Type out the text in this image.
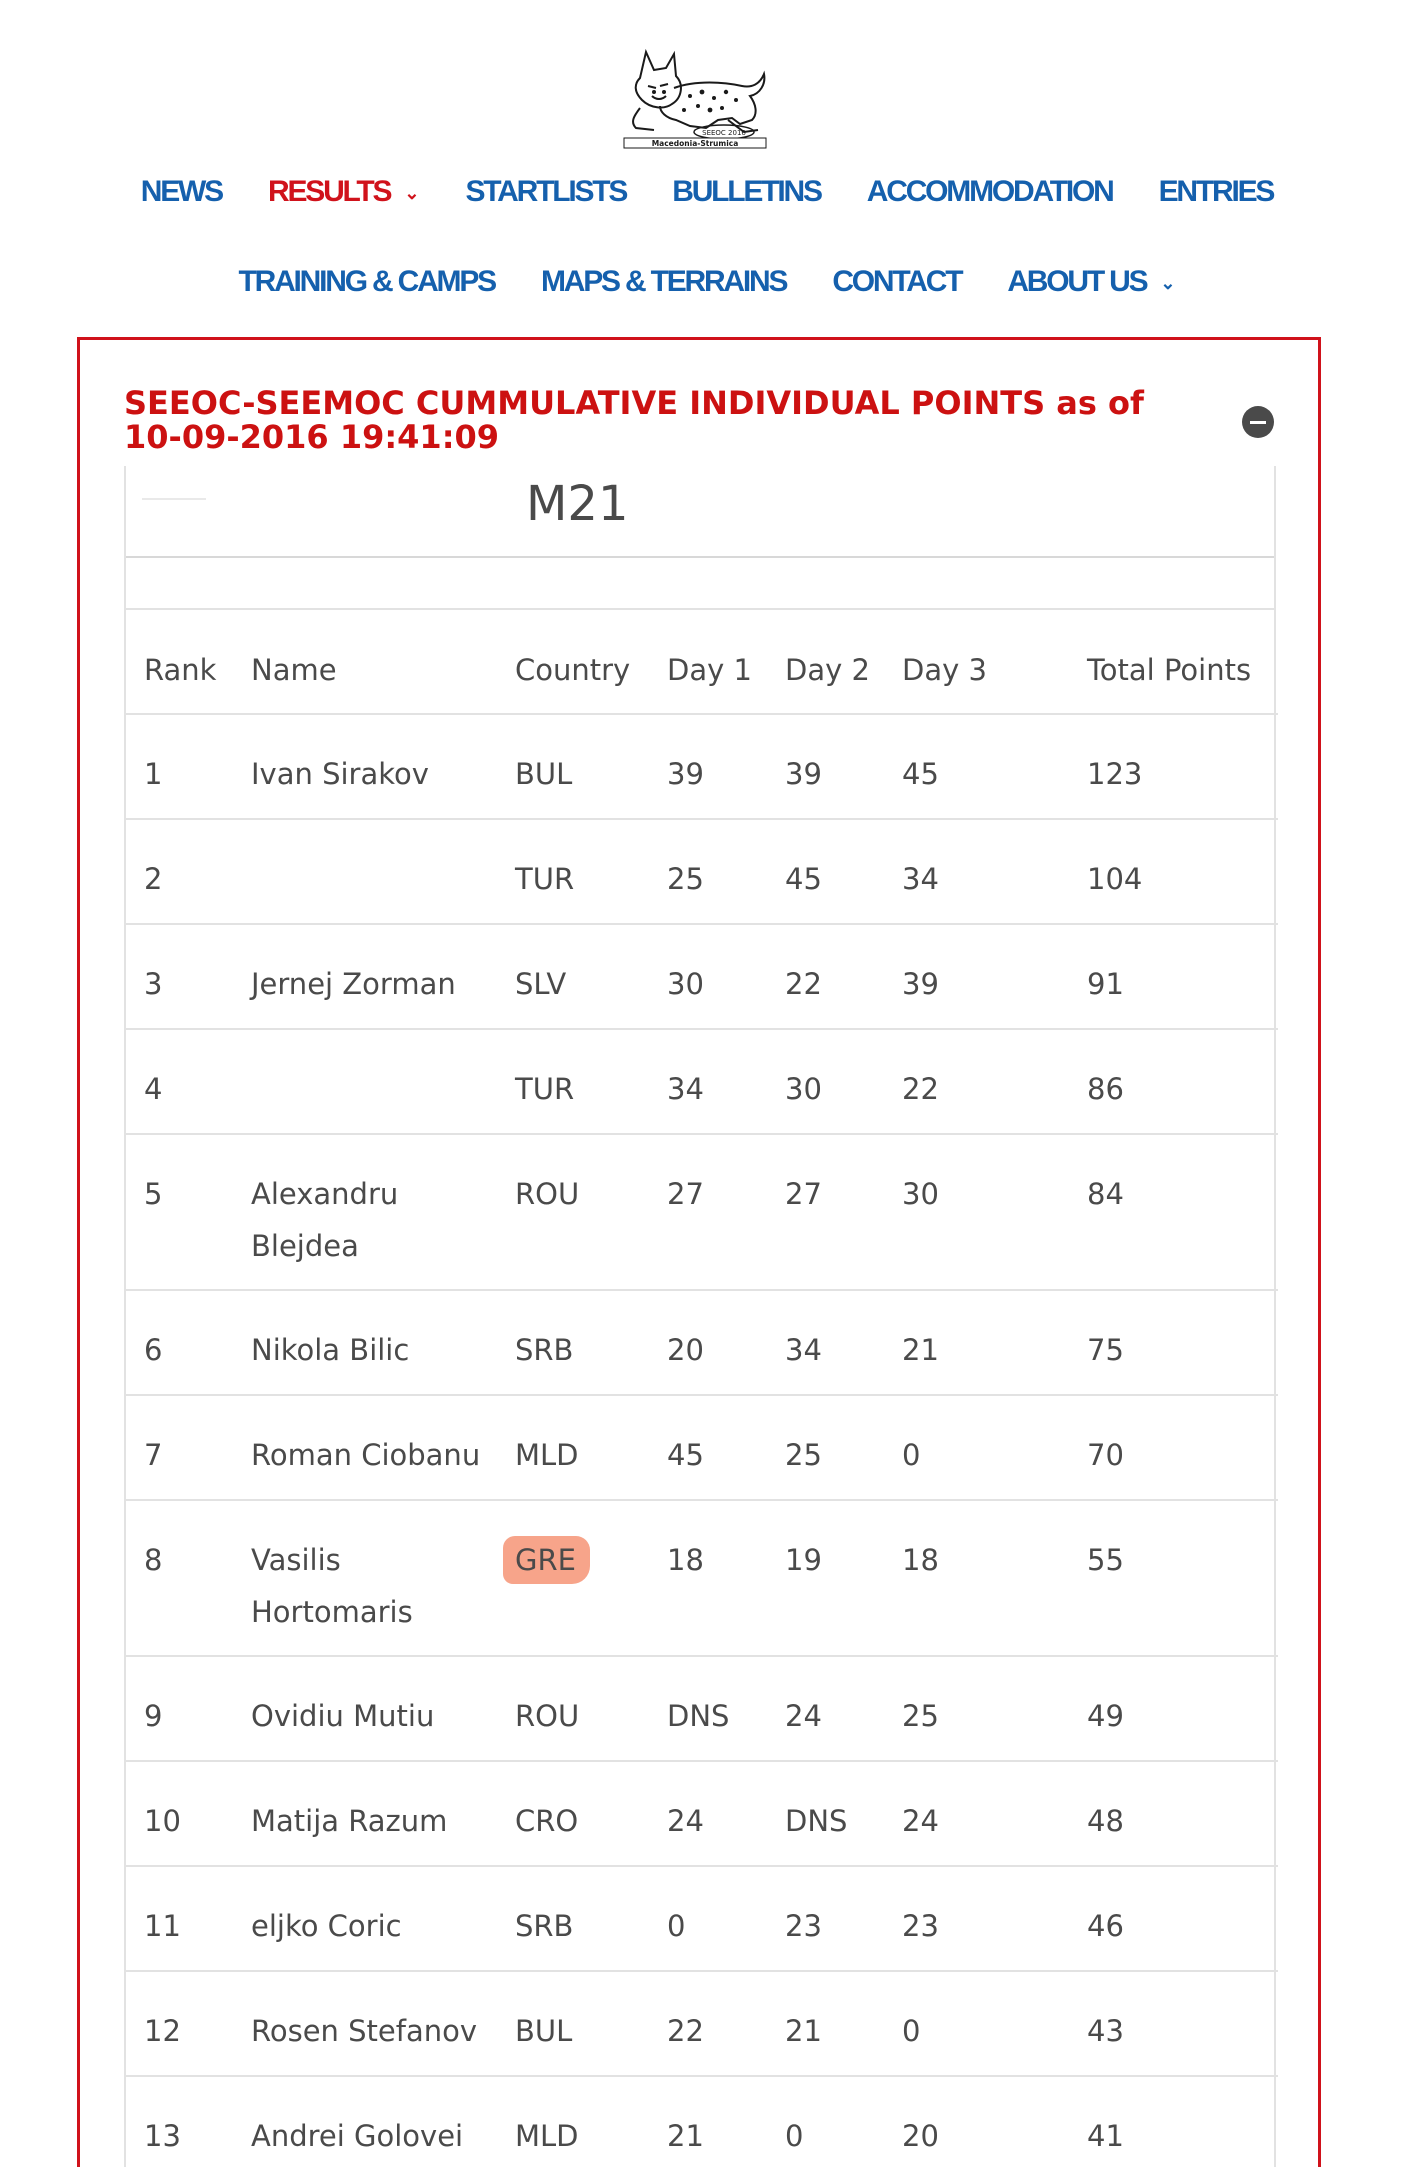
SEEOC 2016
Macedonia-Strumica
NEWS RESULTS ⌄ STARTLISTS BULLETINS ACCOMMODATION ENTRIES
TRAINING & CAMPS MAPS & TERRAINS CONTACT ABOUT US ⌄
SEEOC-SEEMOC CUMMULATIVE INDIVIDUAL POINTS as of 10-09-2016 19:41:09
M21
Rank	Name	Country	Day 1	Day 2	Day 3	Total Points
1	Ivan Sirakov	BUL	39	39	45	123
2		TUR	25	45	34	104
3	Jernej Zorman	SLV	30	22	39	91
4		TUR	34	30	22	86
5	Alexandru Blejdea	ROU	27	27	30	84
6	Nikola Bilic	SRB	20	34	21	75
7	Roman Ciobanu	MLD	45	25	0	70
8	Vasilis Hortomaris	GRE	18	19	18	55
9	Ovidiu Mutiu	ROU	DNS	24	25	49
10	Matija Razum	CRO	24	DNS	24	48
11	eljko Coric	SRB	0	23	23	46
12	Rosen Stefanov	BUL	22	21	0	43
13	Andrei Golovei	MLD	21	0	20	41
